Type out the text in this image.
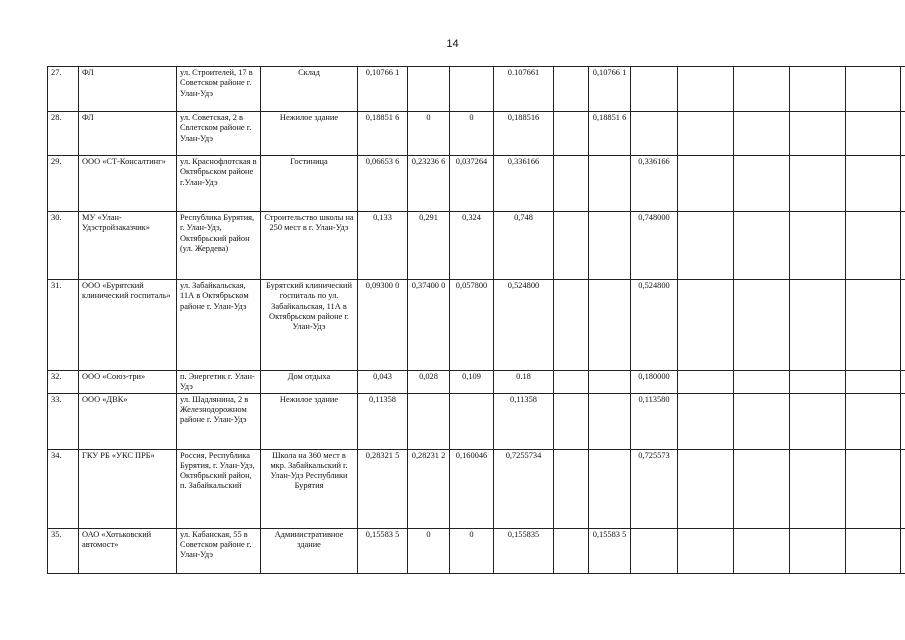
14
27.	ФЛ	ул. Строителей, 17 в Советском районе г. Улан-Удэ	Склад	0,10766 1			0.107661		0,10766 1						
28.	ФЛ	ул. Советская, 2 в Свлетском районе г. Улан-Удэ	Нежилое здание	0,18851 6	0	0	0,188516		0,18851 6						
29.	ООО «СТ-Консалтинг»	ул. Краснофлотская в Октябрьском районе г.Улан-Удэ	Гостиница	0,06653 6	0,23236 6	0,037264	0,336166			0,336166					
30.	МУ «Улан-Удэстройзаказчик»	Республика Бурятия, г. Улан-Удэ, Октябрьский район (ул. Жердева)	Строительство школы на 250 мест в г. Улан-Удэ	0,133	0,291	0,324	0,748			0,748000					
31.	ООО «Бурятский клинический госпиталь»	ул. Забайкальская, 11А в Октябрьском районе г. Улан-Удэ	Бурятский клинический госпиталь по ул. Забайкальская, 11А в Октябрьском районе г. Улан-Удэ	0,09300 0	0,37400 0	0,057800	0,524800			0,524800					
32.	ООО «Союз-три»	п. Энергетик г. Улан-Удэ	Дом отдыха	0,043	0,028	0,109	0.18			0,180000					
33.	ООО «ДВК»	ул. Шадлянина, 2 в Железнодорожном районе г. Улан-Удэ	Нежилое здание	0,11358			0,11358			0,113580					
34.	ГКУ РБ «УКС ПРБ»	Россия, Республика Бурятия, г. Улан-Удэ, Октябрьский район, п. Забайкальский	Школа на 360 мест в мкр. Забайкальский г. Улан-Удэ Республики Бурятия	0,28321 5	0,28231 2	0,160046	0,7255734			0,725573					
35.	ОАО «Хотьковский автомост»	ул. Кабанская, 55 в Советском районе г. Улан-Удэ	Административное здание	0,15583 5	0	0	0,155835		0,15583 5						
